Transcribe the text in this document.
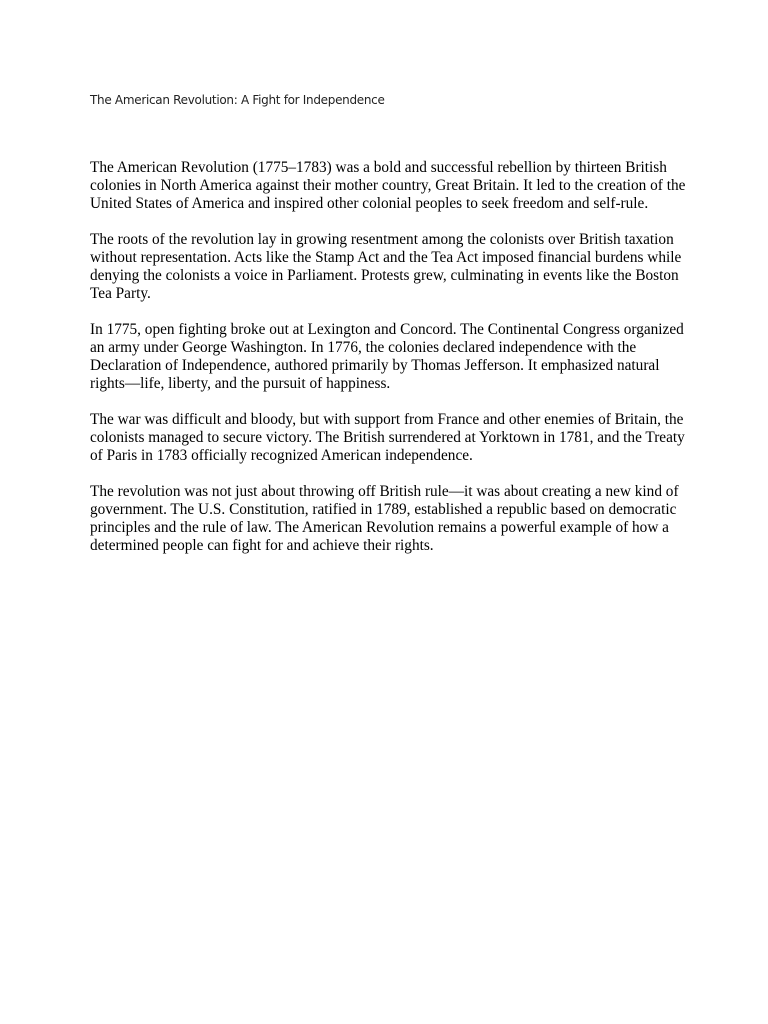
The American Revolution: A Fight for Independence

The American Revolution (1775–1783) was a bold and successful rebellion by thirteen British colonies in North America against their mother country, Great Britain. It led to the creation of the United States of America and inspired other colonial peoples to seek freedom and self-rule.

The roots of the revolution lay in growing resentment among the colonists over British taxation without representation. Acts like the Stamp Act and the Tea Act imposed financial burdens while denying the colonists a voice in Parliament. Protests grew, culminating in events like the Boston Tea Party.

In 1775, open fighting broke out at Lexington and Concord. The Continental Congress organized an army under George Washington. In 1776, the colonies declared independence with the Declaration of Independence, authored primarily by Thomas Jefferson. It emphasized natural rights—life, liberty, and the pursuit of happiness.

The war was difficult and bloody, but with support from France and other enemies of Britain, the colonists managed to secure victory. The British surrendered at Yorktown in 1781, and the Treaty of Paris in 1783 officially recognized American independence.

The revolution was not just about throwing off British rule—it was about creating a new kind of government. The U.S. Constitution, ratified in 1789, established a republic based on democratic principles and the rule of law. The American Revolution remains a powerful example of how a determined people can fight for and achieve their rights.
